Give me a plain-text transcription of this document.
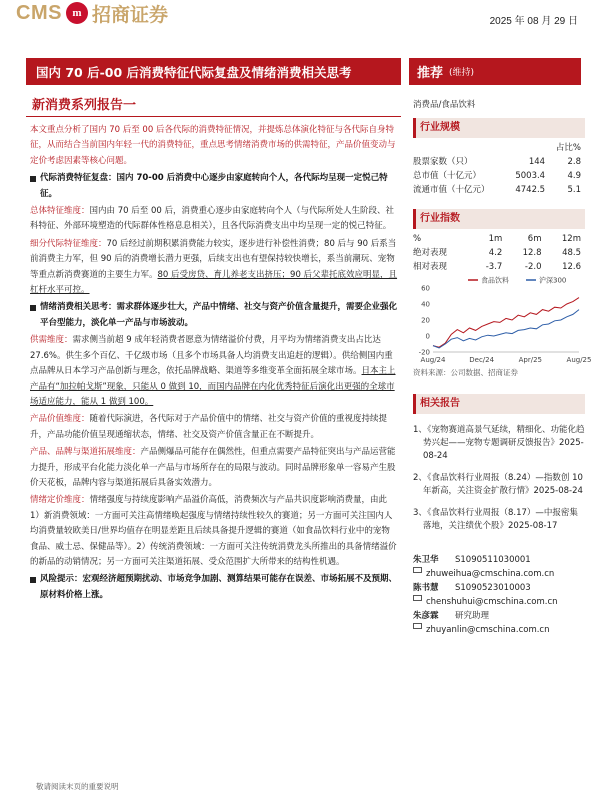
CMS m 招商证券	2025 年 08 月 29 日
国内 70 后-00 后消费特征代际复盘及情绪消费相关思考	推荐 (维持)
新消费系列报告一	消费品/食品饮料

本文重点分析了国内 70 后至 00 后各代际的消费特征情况，并提炼总体演化特征与各代际自身特征，从而结合当前国内年轻一代的消费特征，重点思考情绪消费市场的供需特征，产品价值变动与定价考虑因素等核心问题。

代际消费特征复盘：国内 70-00 后消费中心逐步由家庭转向个人，各代际均呈现一定悦己特征。

总体特征维度：国内由 70 后至 00 后，消费重心逐步由家庭转向个人（与代际所处人生阶段、社科特征、外部环境塑造的代际群体性格息息相关），且各代际消费支出中均呈现一定的悦己特征。

细分代际特征维度：70 后经过前期积累消费能力较实，逐步进行补偿性消费；80 后与 90 后系当前消费主力军，但 90 后的消费增长潜力更强，后续支出也有望保持较快增长，系当前潮玩、宠物等重点新消费赛道的主要生力军。80 后受房贷、育儿养老支出挤压；90 后父辈托底效应明显，且杠杆水平可控。

情绪消费相关思考：需求群体逐步壮大，产品中情绪、社交与资产价值含量提升，需要企业强化平台型能力，淡化单一产品与市场波动。

供需维度：需求侧当前超 9 成年轻消费者愿意为情绪溢价付费，月平均为情绪消费支出占比达 27.6%。供生多个百亿、千亿级市场（且多个市场具备人均消费支出追赶的逻辑）。供给侧国内重点品牌从日本学习产品创新与理念，依托品牌战略、渠道等多维变革全面拓展全球市场。日本主上产品有“加拉帕戈斯”现象，只能从 0 做到 10，而国内品牌在内化优秀特征后演化出更强的全球市场适应能力，能从 1 做到 100。

产品价值维度：随着代际演进，各代际对于产品价值中的情绪、社交与资产价值的重视度持续提升，产品功能价值呈现通缩状态，情绪、社交及资产价值含量正在不断提升。

产品、品牌与渠道拓展维度：产品侧爆品可能存在偶然性，但重点需要产品特征突出与产品运营能力提升，形成平台化能力淡化单一产品与市场所存在的局限与波动。同时品牌形象单一容易产生股价天花板，品牌内容与渠道拓展后具备实效潜力。

情绪定价维度：情绪强度与持续度影响产品溢价高低，消费频次与产品共识度影响消费量，由此 1）新消费领域：一方面可关注高情绪唤起强度与情绪持续性较久的赛道；另一方面可关注国内人均消费量较欧美日/世界均值存在明显差距且后续具备提升逻辑的赛道（如食品饮料行业中的宠物食品、威士忌、保健品等）。2）传统消费领域：一方面可关注传统消费龙头所推出的具备情绪溢价的新品的动销情况；另一方面可关注渠道拓展、受众范围扩大所带来的结构性机遇。

风险提示：宏观经济超预期扰动、市场竞争加剧、测算结果可能存在误差、市场拓展不及预期、原材料价格上涨。

行业规模
		占比%
股票家数（只）	144	2.8
总市值（十亿元）	5003.4	4.9
流通市值（十亿元）	4742.5	5.1
行业指数
%	1m	6m	12m
绝对表现	4.2	12.8	48.5
相对表现	-3.7	-2.0	12.6
60
40
20
0
-20
Aug/24	Dec/24	Apr/25	Aug/25
食品饮料	沪深300
资料来源：公司数据、招商证券
相关报告
1、
《宠物赛道高景气延续，精细化、功能化趋势兴起——宠物专题调研反馈报告》2025-08-24
2、
《食品饮料行业周报（8.24）—指数创 10 年新高，关注资金扩散行情》2025-08-24
3、
《食品饮料行业周报（8.17）—中报密集落地，关注绩优个股》2025-08-17
朱卫华	S1090511030001
zhuweihua@cmschina.com.cn
陈书慧	S1090523010003
chenshuhui@cmschina.com.cn
朱彦霖	研究助理
zhuyanlin@cmschina.com.cn
敬请阅读末页的重要说明
